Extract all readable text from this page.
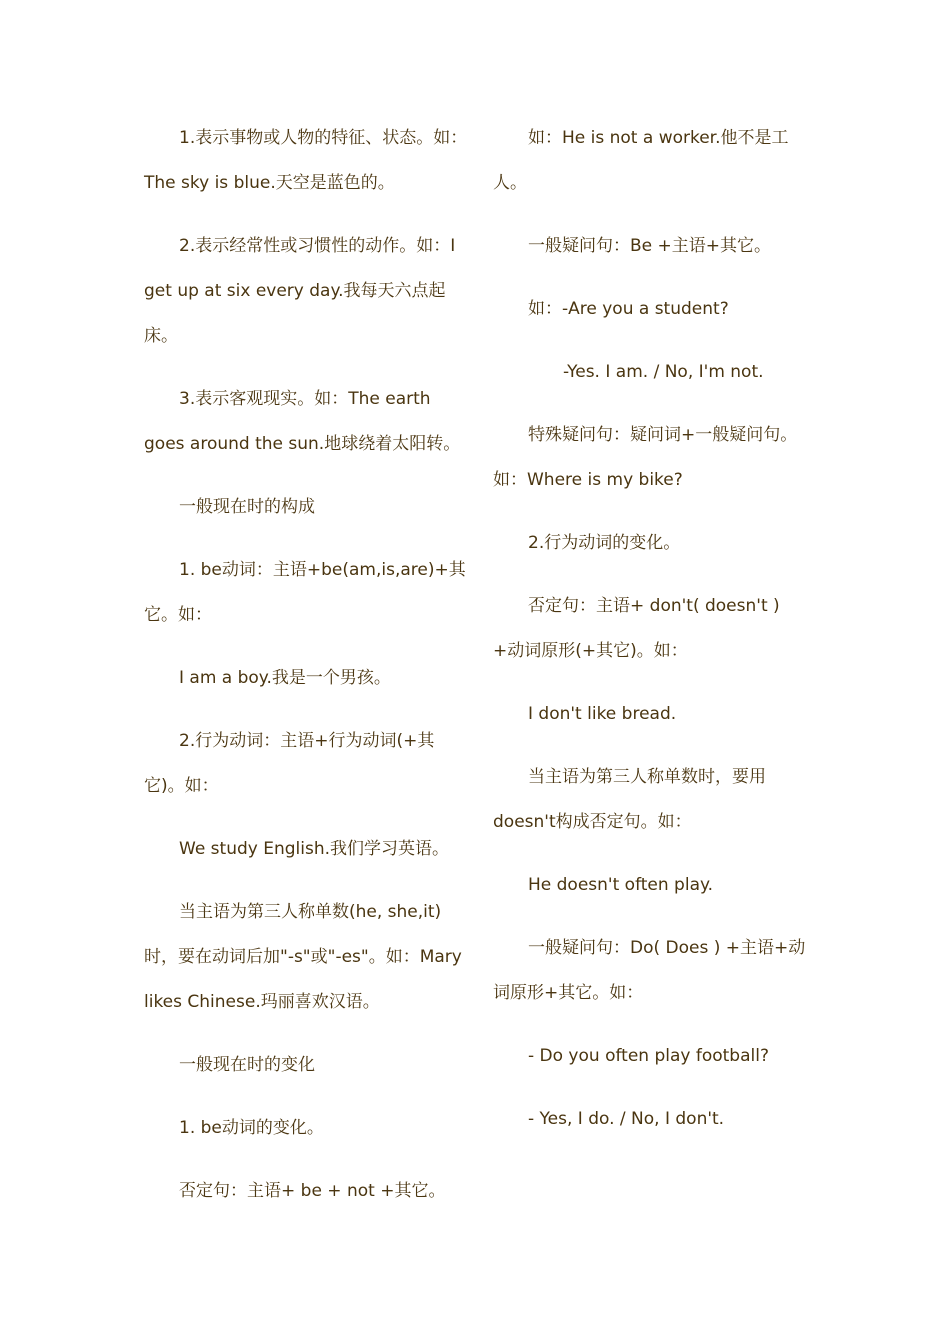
1.表示事物或人物的特征、状态。如：The sky is blue.天空是蓝色的。

2.表示经常性或习惯性的动作。如：I get up at six every day.我每天六点起床。

3.表示客观现实。如：The earth goes around the sun.地球绕着太阳转。

一般现在时的构成

1. be动词：主语+be(am,is,are)+其它。如：

I am a boy.我是一个男孩。

2.行为动词：主语+行为动词(+其它)。如：

We study English.我们学习英语。

当主语为第三人称单数(he, she,it)时，要在动词后加"-s"或"-es"。如：Mary likes Chinese.玛丽喜欢汉语。

一般现在时的变化

1. be动词的变化。

否定句：主语+ be + not +其它。

如：He is not a worker.他不是工人。

一般疑问句：Be +主语+其它。

如：-Are you a student?

-Yes. I am. / No, I'm not.

特殊疑问句：疑问词+一般疑问句。如：Where is my bike?

2.行为动词的变化。

否定句：主语+ don't( doesn't ) +动词原形(+其它)。如：

I don't like bread.

当主语为第三人称单数时，要用doesn't构成否定句。如：

He doesn't often play.

一般疑问句：Do( Does ) +主语+动词原形+其它。如：

- Do you often play football?

- Yes, I do. / No, I don't.
